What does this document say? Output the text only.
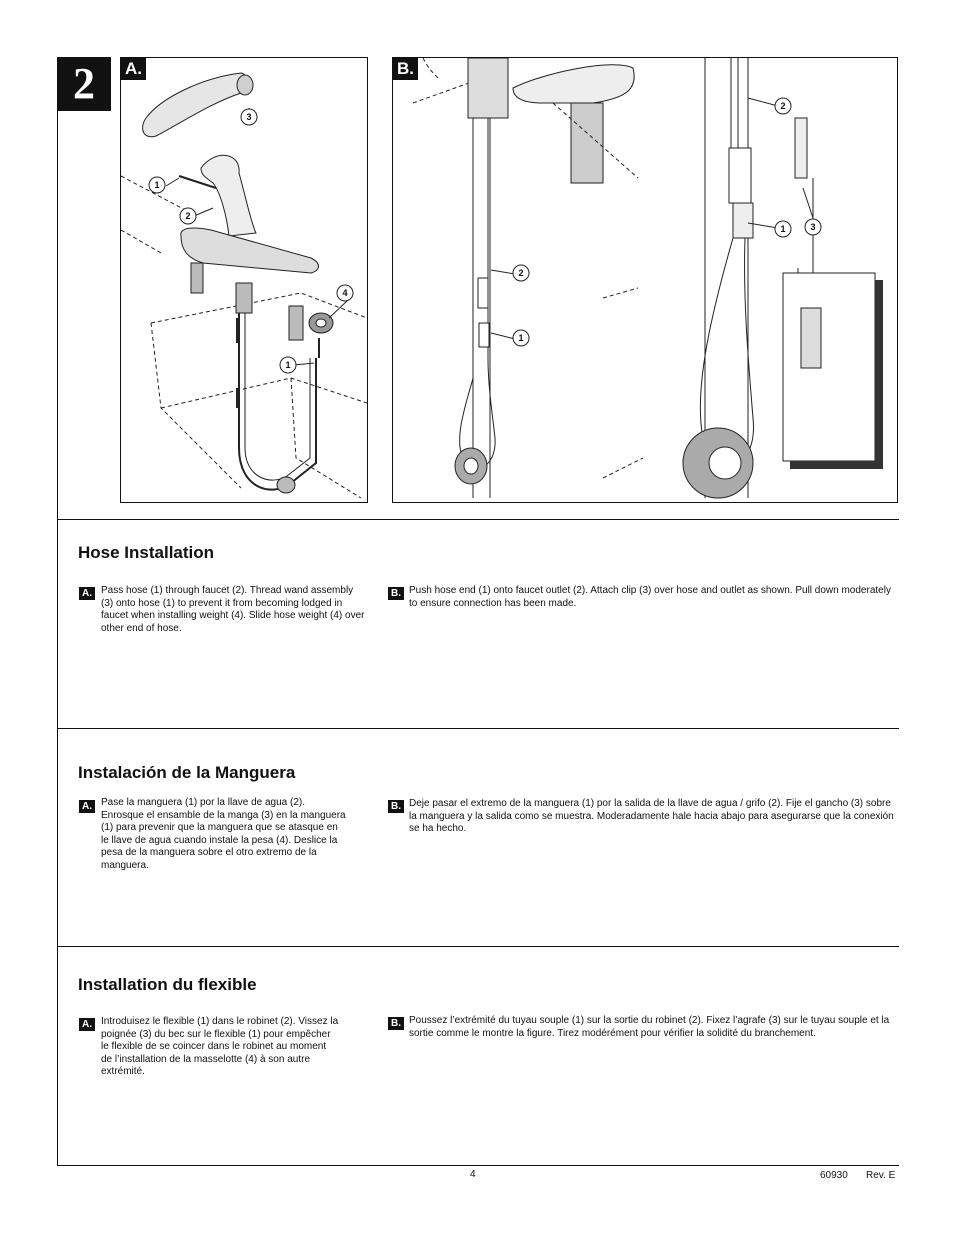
2
3
1
2
4
1
A.
2
1
2
1
3
B.
Hose Installation
A. Pass hose (1) through faucet (2). Thread wand assembly (3) onto hose (1) to prevent it from becoming lodged in faucet when installing weight (4). Slide hose weight (4) over other end of hose.
B. Push hose end (1) onto faucet outlet (2). Attach clip (3) over hose and outlet as shown. Pull down moderately to ensure connection has been made.
Instalación de la Manguera
A. Pase la manguera (1) por la llave de agua (2). Enrosque el ensamble de la manga (3) en la manguera (1) para prevenir que la manguera que se atasque en le llave de agua cuando instale la pesa (4). Deslice la pesa de la manguera sobre el otro extremo de la manguera.
B. Deje pasar el extremo de la manguera (1) por la salida de la llave de agua / grifo (2). Fije el gancho (3) sobre la manguera y la salida como se muestra. Moderadamente hale hacia abajo para asegurarse que la conexión se ha hecho.
Installation du flexible
A. Introduisez le flexible (1) dans le robinet (2). Vissez la poignée (3) du bec sur le flexible (1) pour empêcher le flexible de se coincer dans le robinet au moment de l’installation de la masselotte (4) à son autre extrémité.
B. Poussez l’extrémité du tuyau souple (1) sur la sortie du robinet (2). Fixez l’agrafe (3) sur le tuyau souple et la sortie comme le montre la figure. Tirez modérément pour vérifier la solidité du branchement.
4	60930 Rev. E
